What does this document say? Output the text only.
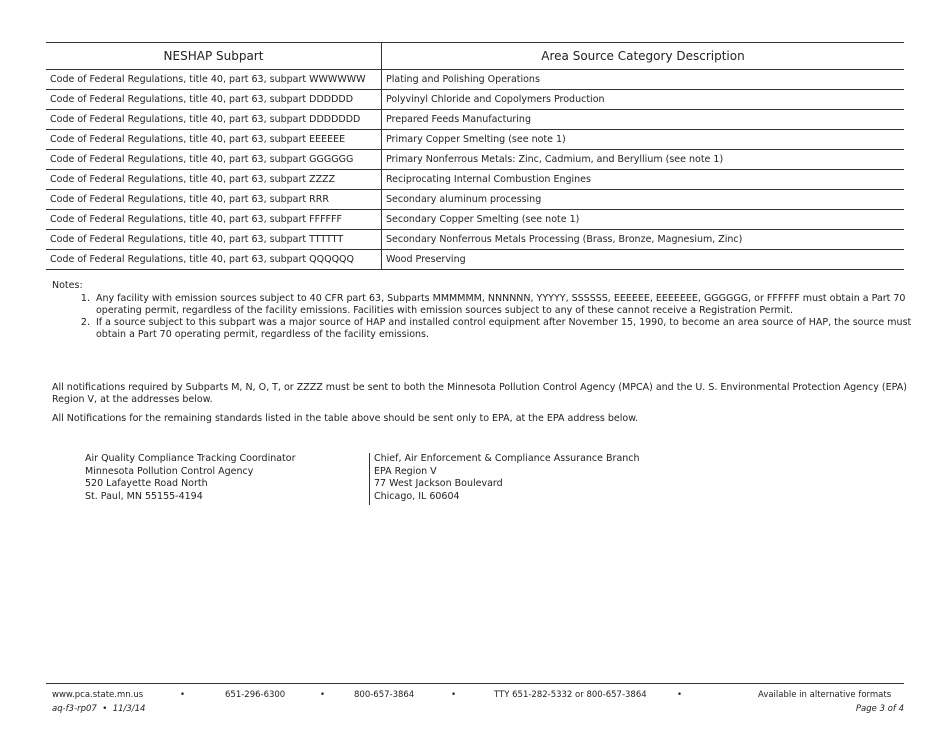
NESHAP Subpart	Area Source Category Description
Code of Federal Regulations, title 40, part 63, subpart WWWWWW	Plating and Polishing Operations
Code of Federal Regulations, title 40, part 63, subpart DDDDDD	Polyvinyl Chloride and Copolymers Production
Code of Federal Regulations, title 40, part 63, subpart DDDDDDD	Prepared Feeds Manufacturing
Code of Federal Regulations, title 40, part 63, subpart EEEEEE	Primary Copper Smelting (see note 1)
Code of Federal Regulations, title 40, part 63, subpart GGGGGG	Primary Nonferrous Metals: Zinc, Cadmium, and Beryllium (see note 1)
Code of Federal Regulations, title 40, part 63, subpart ZZZZ	Reciprocating Internal Combustion Engines
Code of Federal Regulations, title 40, part 63, subpart RRR	Secondary aluminum processing
Code of Federal Regulations, title 40, part 63, subpart FFFFFF	Secondary Copper Smelting (see note 1)
Code of Federal Regulations, title 40, part 63, subpart TTTTTT	Secondary Nonferrous Metals Processing (Brass, Bronze, Magnesium, Zinc)
Code of Federal Regulations, title 40, part 63, subpart QQQQQQ	Wood Preserving
Notes:
1. Any facility with emission sources subject to 40 CFR part 63, Subparts MMMMMM, NNNNNN, YYYYY, SSSSSS, EEEEEE, EEEEEEE, GGGGGG, or FFFFFF must obtain a Part 70 operating permit, regardless of the facility emissions. Facilities with emission sources subject to any of these cannot receive a Registration Permit.
2. If a source subject to this subpart was a major source of HAP and installed control equipment after November 15, 1990, to become an area source of HAP, the source must obtain a Part 70 operating permit, regardless of the facility emissions.
All notifications required by Subparts M, N, O, T, or ZZZZ must be sent to both the Minnesota Pollution Control Agency (MPCA) and the U. S. Environmental Protection Agency (EPA) Region V, at the addresses below.
All Notifications for the remaining standards listed in the table above should be sent only to EPA, at the EPA address below.
Air Quality Compliance Tracking Coordinator
Minnesota Pollution Control Agency
520 Lafayette Road North
St. Paul, MN 55155-4194
Chief, Air Enforcement & Compliance Assurance Branch
EPA Region V
77 West Jackson Boulevard
Chicago, IL 60604
www.pca.state.mn.us	•	651-296-6300	•	800-657-3864	•	TTY 651-282-5332 or 800-657-3864	•	Available in alternative formats
aq-f3-rp07 • 11/3/14	Page 3 of 4
